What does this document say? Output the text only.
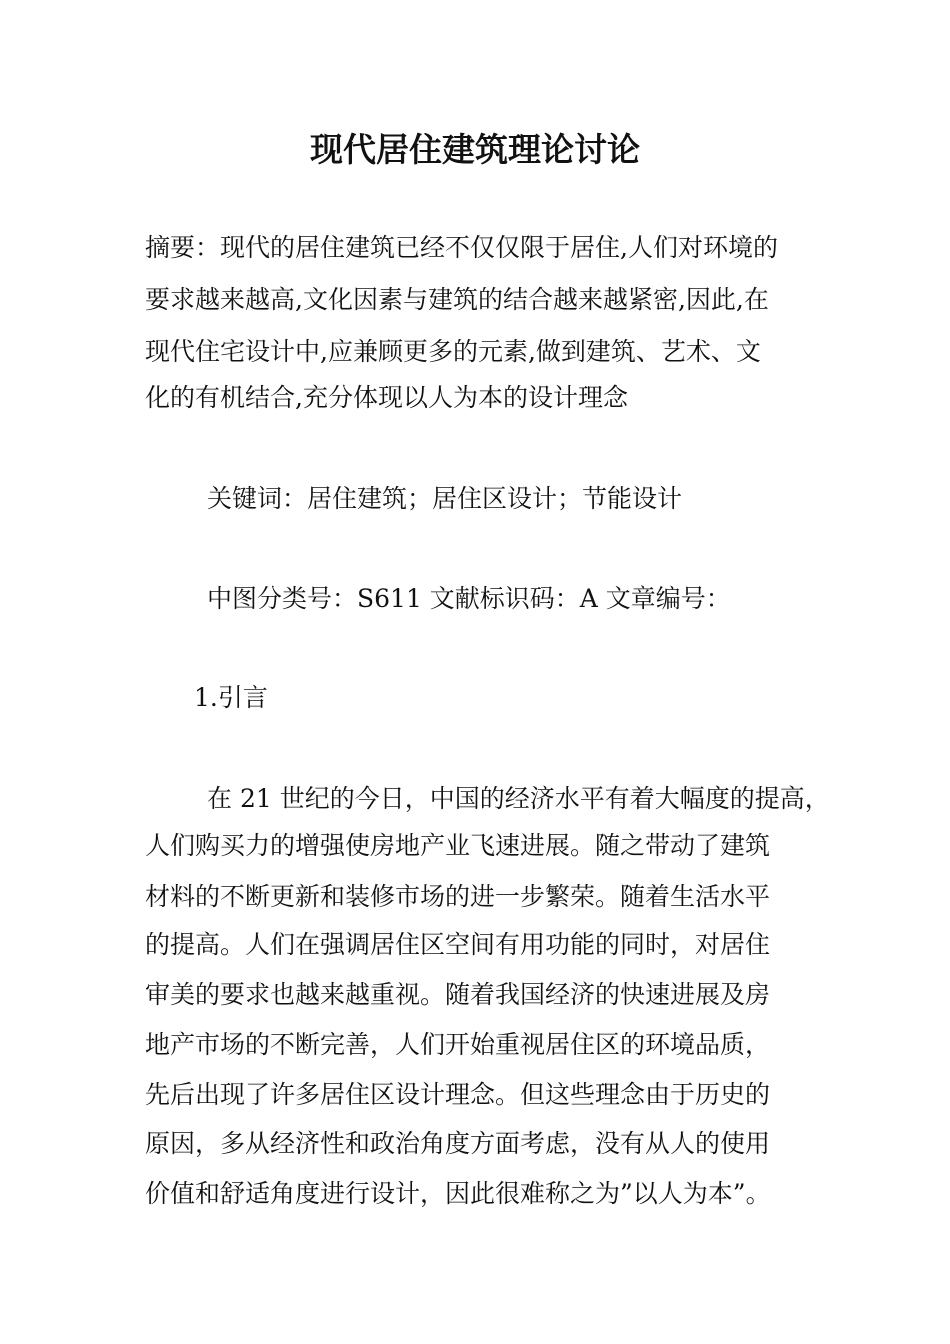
现代居住建筑理论讨论

摘要：现代的居住建筑已经不仅仅限于居住,人们对环境的

要求越来越高,文化因素与建筑的结合越来越紧密,因此,在

现代住宅设计中,应兼顾更多的元素,做到建筑、艺术、文

化的有机结合,充分体现以人为本的设计理念

关键词：居住建筑；居住区设计；节能设计

中图分类号：S611 文献标识码：A 文章编号：

1.引言

在 21 世纪的今日，中国的经济水平有着大幅度的提高，

人们购买力的增强使房地产业飞速进展。随之带动了建筑

材料的不断更新和装修市场的进一步繁荣。随着生活水平

的提高。人们在强调居住区空间有用功能的同时，对居住

审美的要求也越来越重视。随着我国经济的快速进展及房

地产市场的不断完善，人们开始重视居住区的环境品质，

先后出现了许多居住区设计理念。但这些理念由于历史的

原因，多从经济性和政治角度方面考虑，没有从人的使用

价值和舒适角度进行设计，因此很难称之为”以人为本”。
